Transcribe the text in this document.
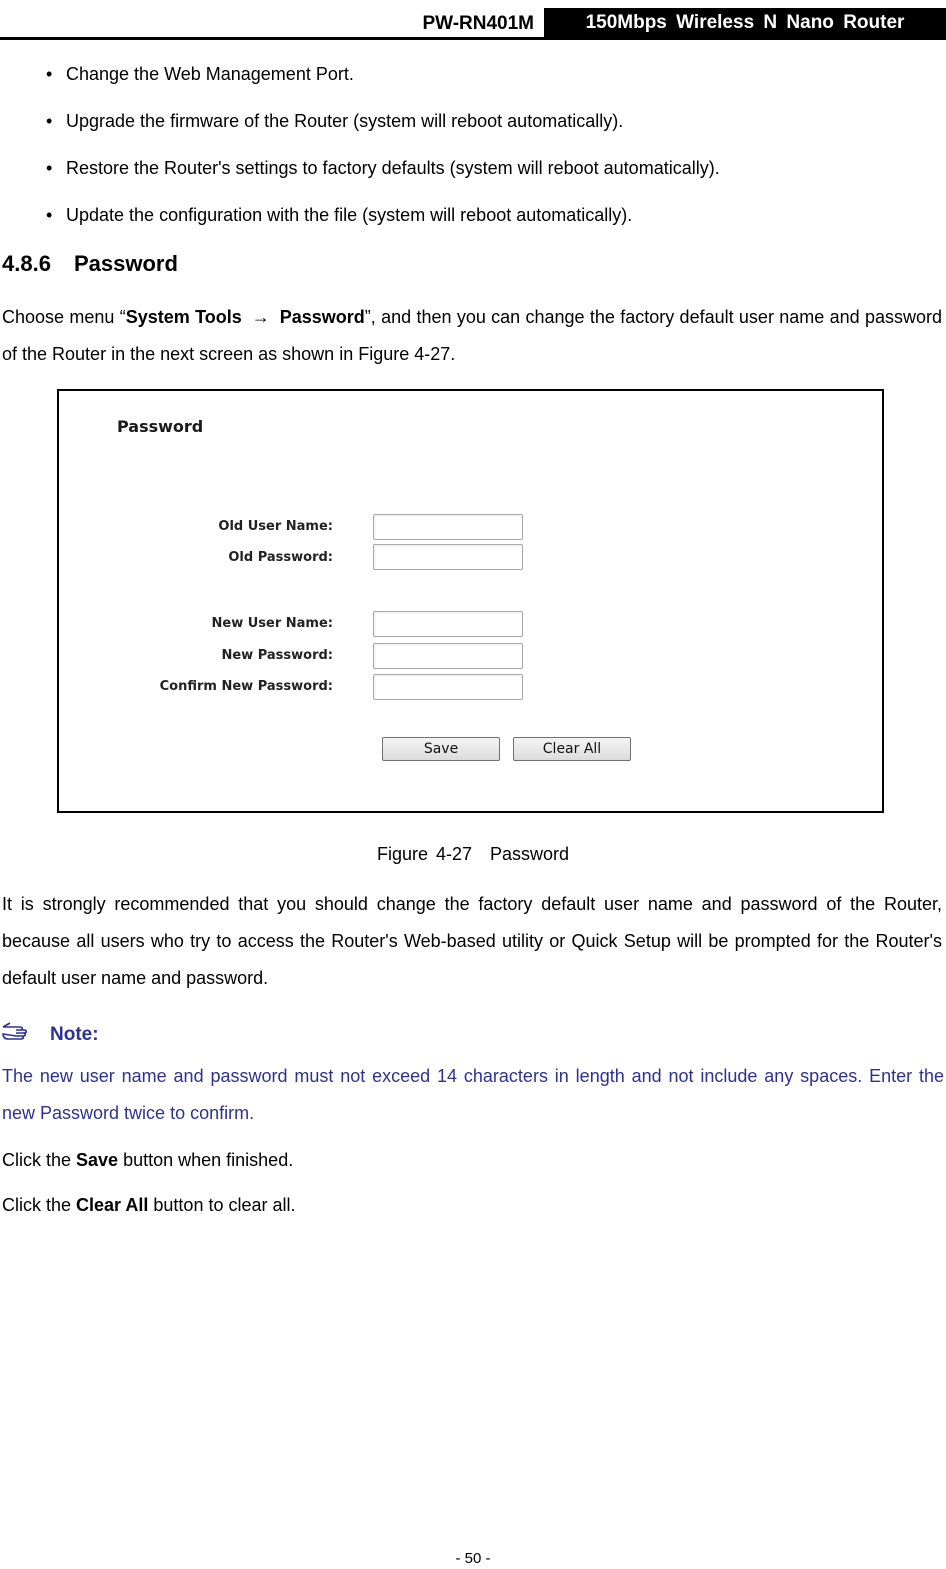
PW-RN401M	150Mbps Wireless N Nano Router
• Change the Web Management Port.
• Upgrade the firmware of the Router (system will reboot automatically).
• Restore the Router's settings to factory defaults (system will reboot automatically).
• Update the configuration with the file (system will reboot automatically).
4.8.6 Password

Choose menu “System Tools → Password”, and then you can change the factory default user name and password of the Router in the next screen as shown in Figure 4-27.

Password
Old User Name:
Old Password:
New User Name:
New Password:
Confirm New Password:
Save	Clear All
Figure 4-27　Password

It is strongly recommended that you should change the factory default user name and password of the Router, because all users who try to access the Router's Web-based utility or Quick Setup will be prompted for the Router's default user name and password.

Note:

The new user name and password must not exceed 14 characters in length and not include any spaces. Enter the new Password twice to confirm.

Click the Save button when finished.
Click the Clear All button to clear all.
- 50 -
